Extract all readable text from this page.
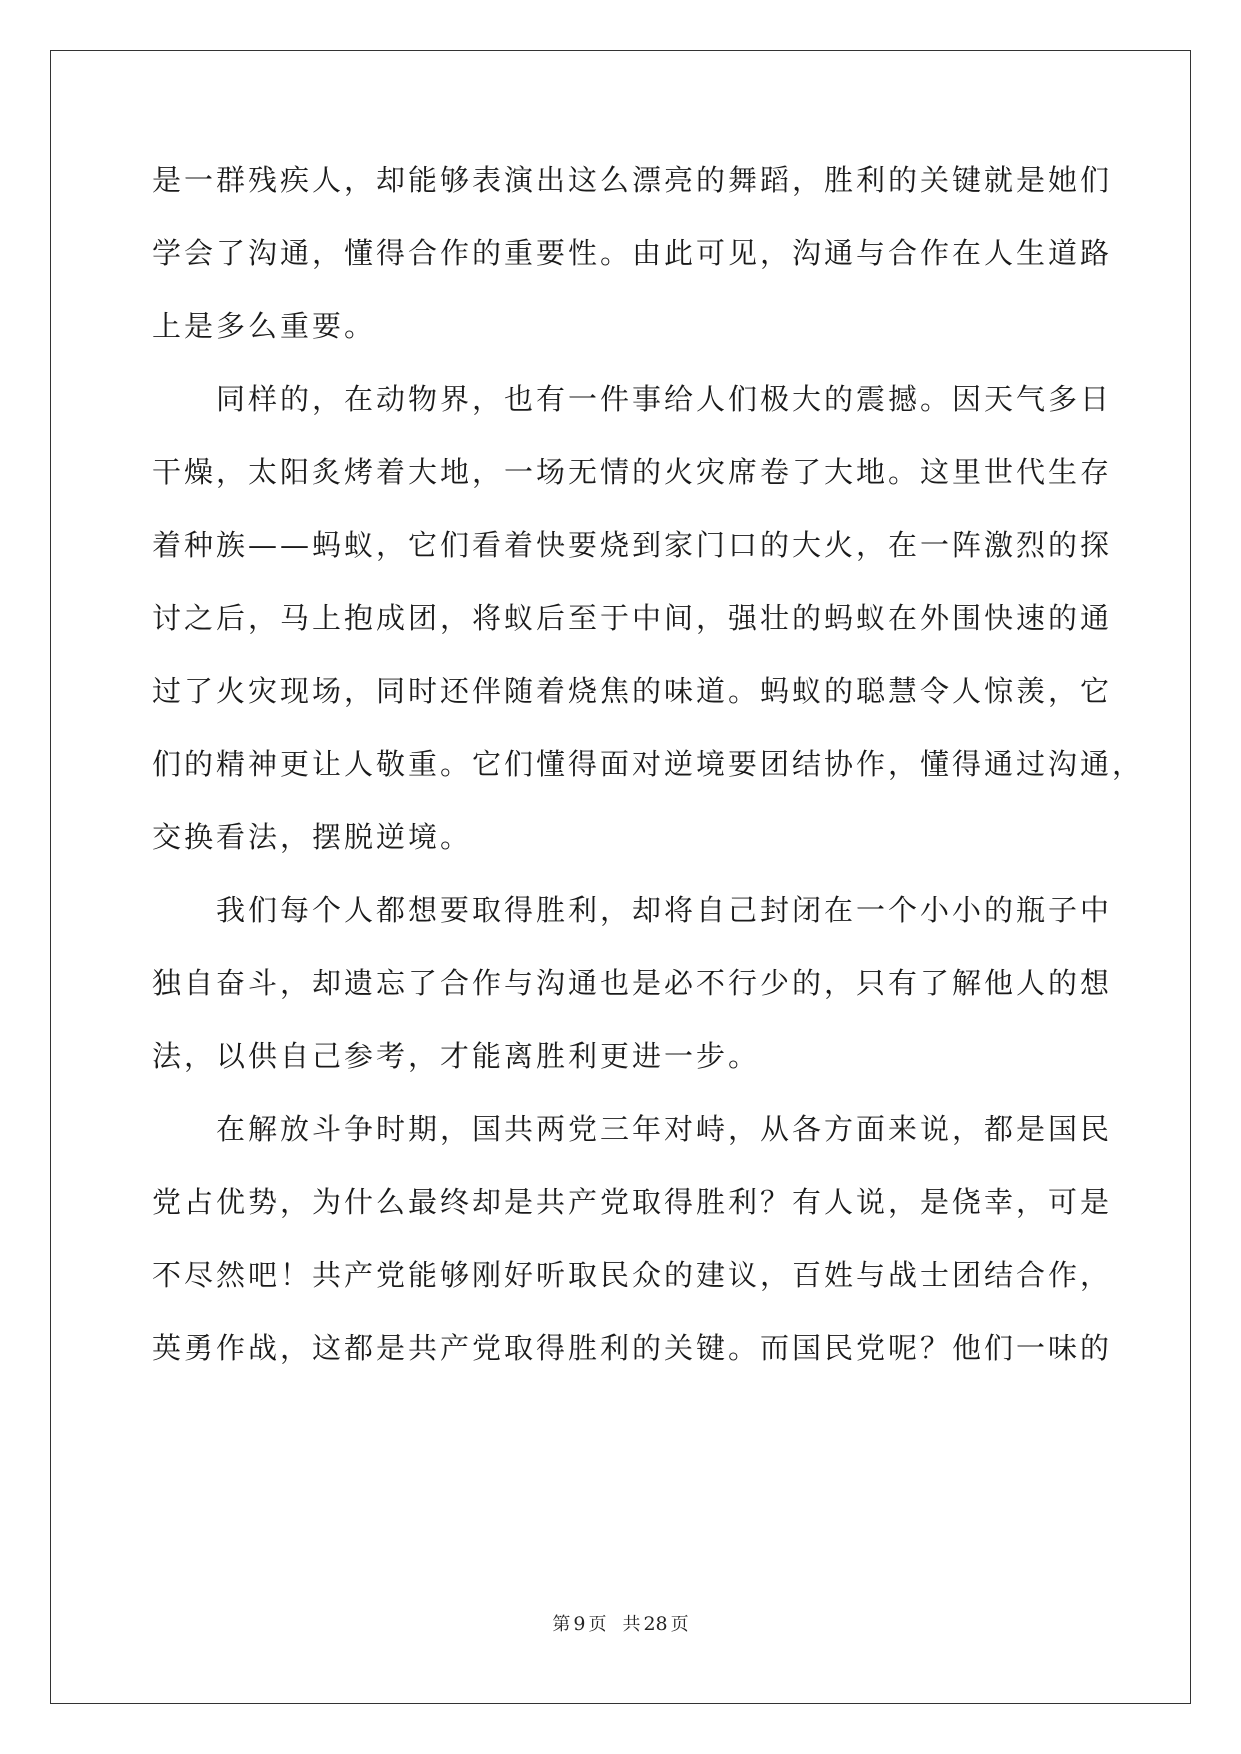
是一群残疾人，却能够表演出这么漂亮的舞蹈，胜利的关键就是她们
学会了沟通，懂得合作的重要性。由此可见，沟通与合作在人生道路
上是多么重要。
　　同样的，在动物界，也有一件事给人们极大的震撼。因天气多日
干燥，太阳炙烤着大地，一场无情的火灾席卷了大地。这里世代生存
着种族——蚂蚁，它们看着快要烧到家门口的大火，在一阵激烈的探
讨之后，马上抱成团，将蚁后至于中间，强壮的蚂蚁在外围快速的通
过了火灾现场，同时还伴随着烧焦的味道。蚂蚁的聪慧令人惊羡，它
们的精神更让人敬重。它们懂得面对逆境要团结协作，懂得通过沟通，
交换看法，摆脱逆境。
　　我们每个人都想要取得胜利，却将自己封闭在一个小小的瓶子中
独自奋斗，却遗忘了合作与沟通也是必不行少的，只有了解他人的想
法，以供自己参考，才能离胜利更进一步。
　　在解放斗争时期，国共两党三年对峙，从各方面来说，都是国民
党占优势，为什么最终却是共产党取得胜利？有人说，是侥幸，可是
不尽然吧！共产党能够刚好听取民众的建议，百姓与战士团结合作，
英勇作战，这都是共产党取得胜利的关键。而国民党呢？他们一味的
第 9 页 共 28 页
